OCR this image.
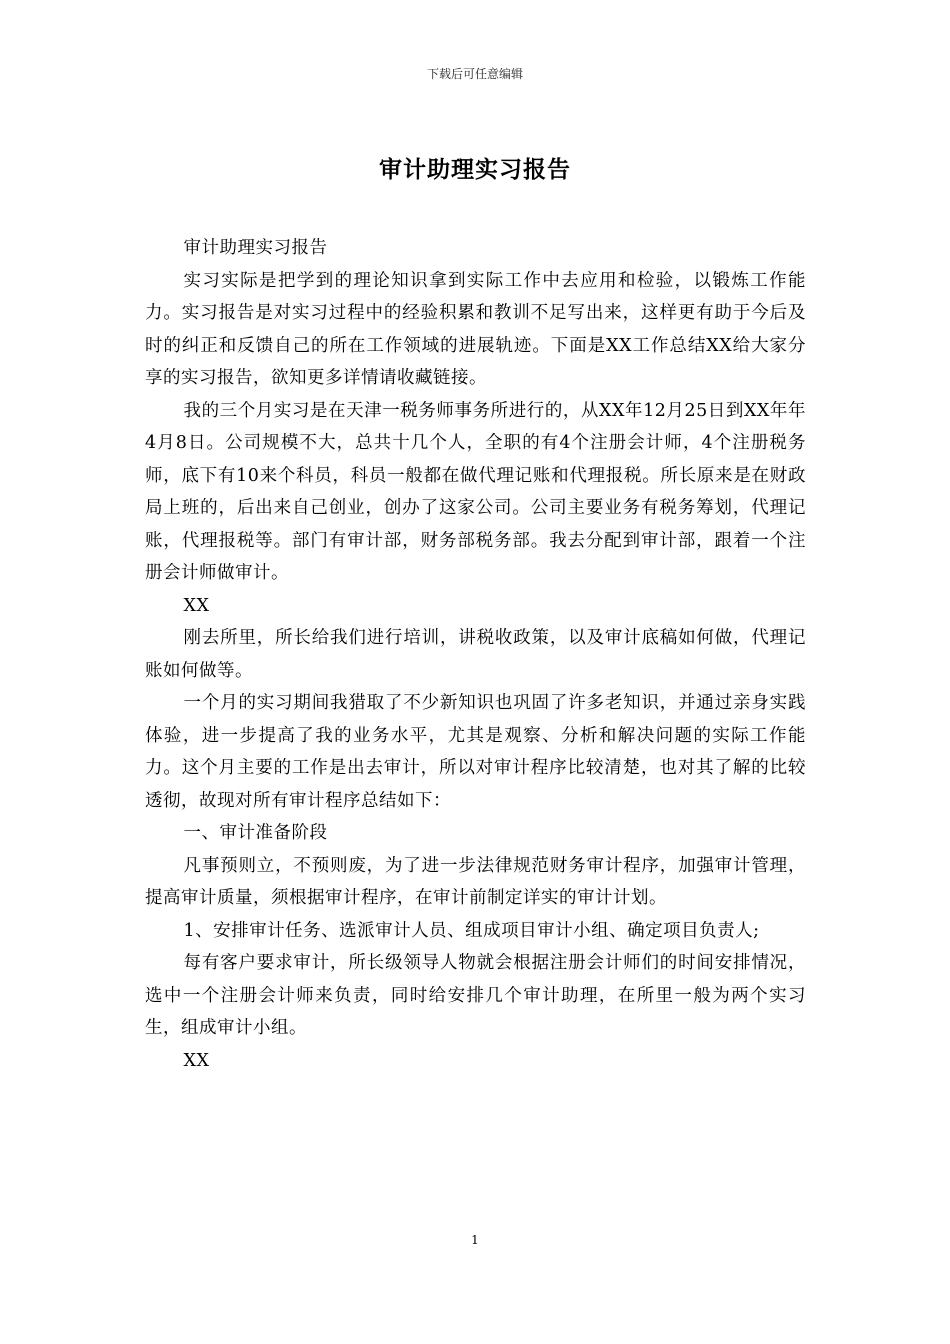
下载后可任意编辑
审计助理实习报告

审计助理实习报告

实习实际是把学到的理论知识拿到实际工作中去应用和检验，以锻炼工作能力。实习报告是对实习过程中的经验积累和教训不足写出来，这样更有助于今后及时的纠正和反馈自己的所在工作领域的进展轨迹。下面是XX工作总结XX给大家分享的实习报告，欲知更多详情请收藏链接。

我的三个月实习是在天津一税务师事务所进行的，从XX年12月25日到XX年年4月8日。公司规模不大，总共十几个人，全职的有4个注册会计师，4个注册税务师，底下有10来个科员，科员一般都在做代理记账和代理报税。所长原来是在财政局上班的，后出来自己创业，创办了这家公司。公司主要业务有税务筹划，代理记账，代理报税等。部门有审计部，财务部税务部。我去分配到审计部，跟着一个注册会计师做审计。

XX

刚去所里，所长给我们进行培训，讲税收政策，以及审计底稿如何做，代理记账如何做等。

一个月的实习期间我猎取了不少新知识也巩固了许多老知识，并通过亲身实践体验，进一步提高了我的业务水平，尤其是观察、分析和解决问题的实际工作能力。这个月主要的工作是出去审计，所以对审计程序比较清楚，也对其了解的比较透彻，故现对所有审计程序总结如下：

一、审计准备阶段

凡事预则立，不预则废，为了进一步法律规范财务审计程序，加强审计管理，提高审计质量，须根据审计程序，在审计前制定详实的审计计划。

1、安排审计任务、选派审计人员、组成项目审计小组、确定项目负责人;

每有客户要求审计，所长级领导人物就会根据注册会计师们的时间安排情况，选中一个注册会计师来负责，同时给安排几个审计助理，在所里一般为两个实习生，组成审计小组。

XX

1
